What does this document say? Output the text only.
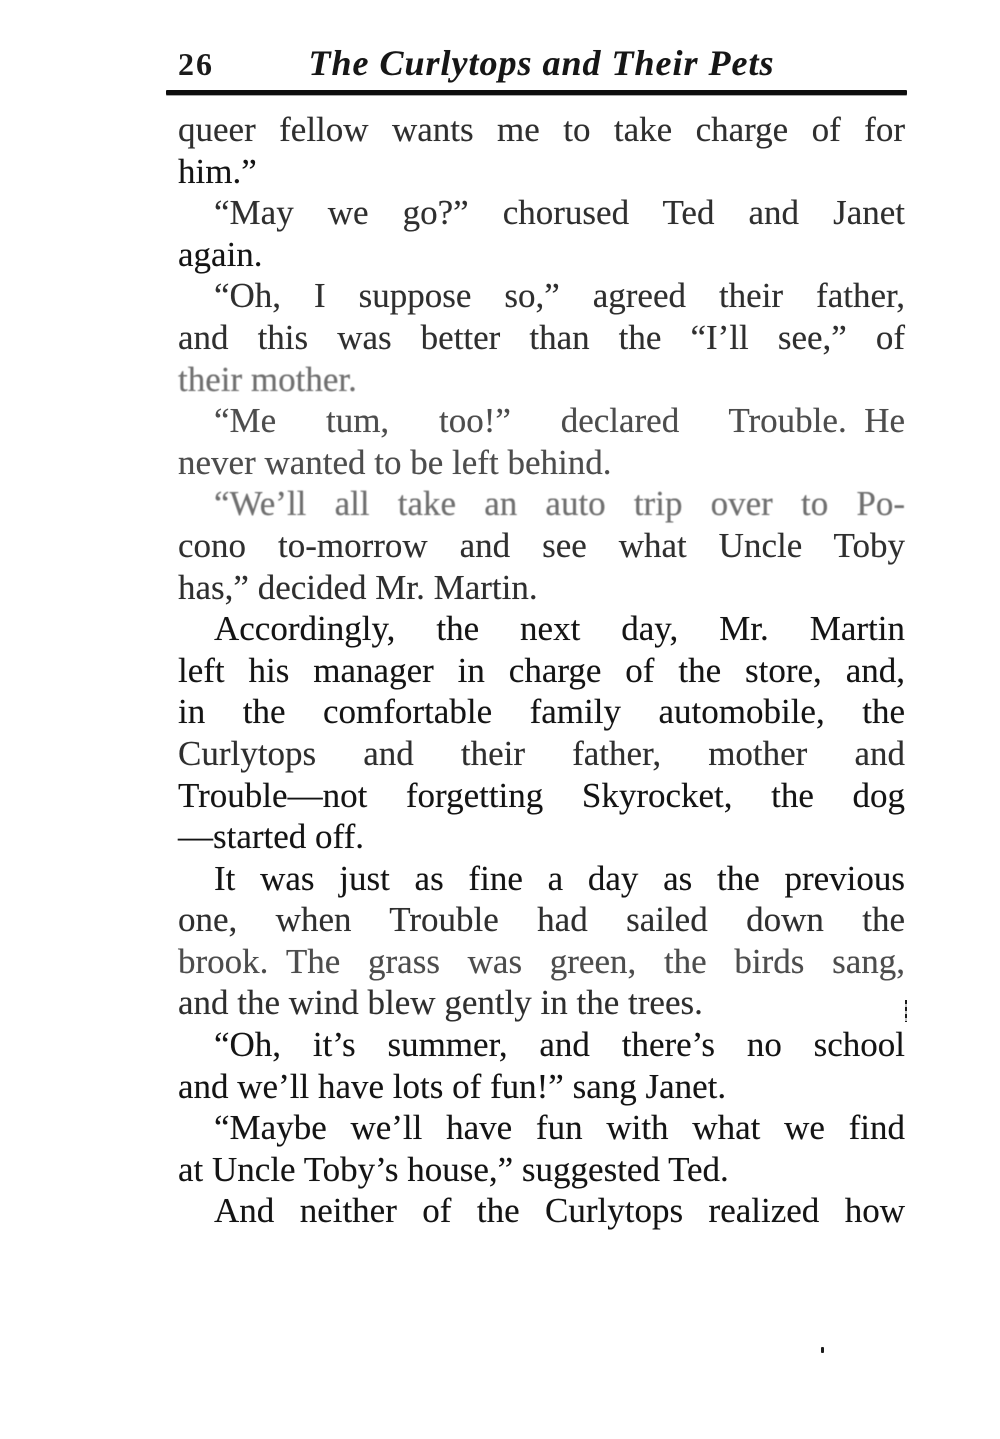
26	The Curlytops and Their Pets

queer fellow wants me to take charge of for
him.”

“May we go?” chorused Ted and Janet
again.

“Oh, I suppose so,” agreed their father,
and this was better than the “I’ll see,” of
their mother.

“Me tum, too!” declared Trouble. He
never wanted to be left behind.

“We’ll all take an auto trip over to Po-
cono to-morrow and see what Uncle Toby
has,” decided Mr. Martin.

Accordingly, the next day, Mr. Martin
left his manager in charge of the store, and,
in the comfortable family automobile, the
Curlytops and their father, mother and
Trouble—not forgetting Skyrocket, the dog
—started off.

It was just as fine a day as the previous
one, when Trouble had sailed down the
brook. The grass was green, the birds sang,
and the wind blew gently in the trees.

“Oh, it’s summer, and there’s no school
and we’ll have lots of fun!” sang Janet.

“Maybe we’ll have fun with what we find
at Uncle Toby’s house,” suggested Ted.

And neither of the Curlytops realized how
